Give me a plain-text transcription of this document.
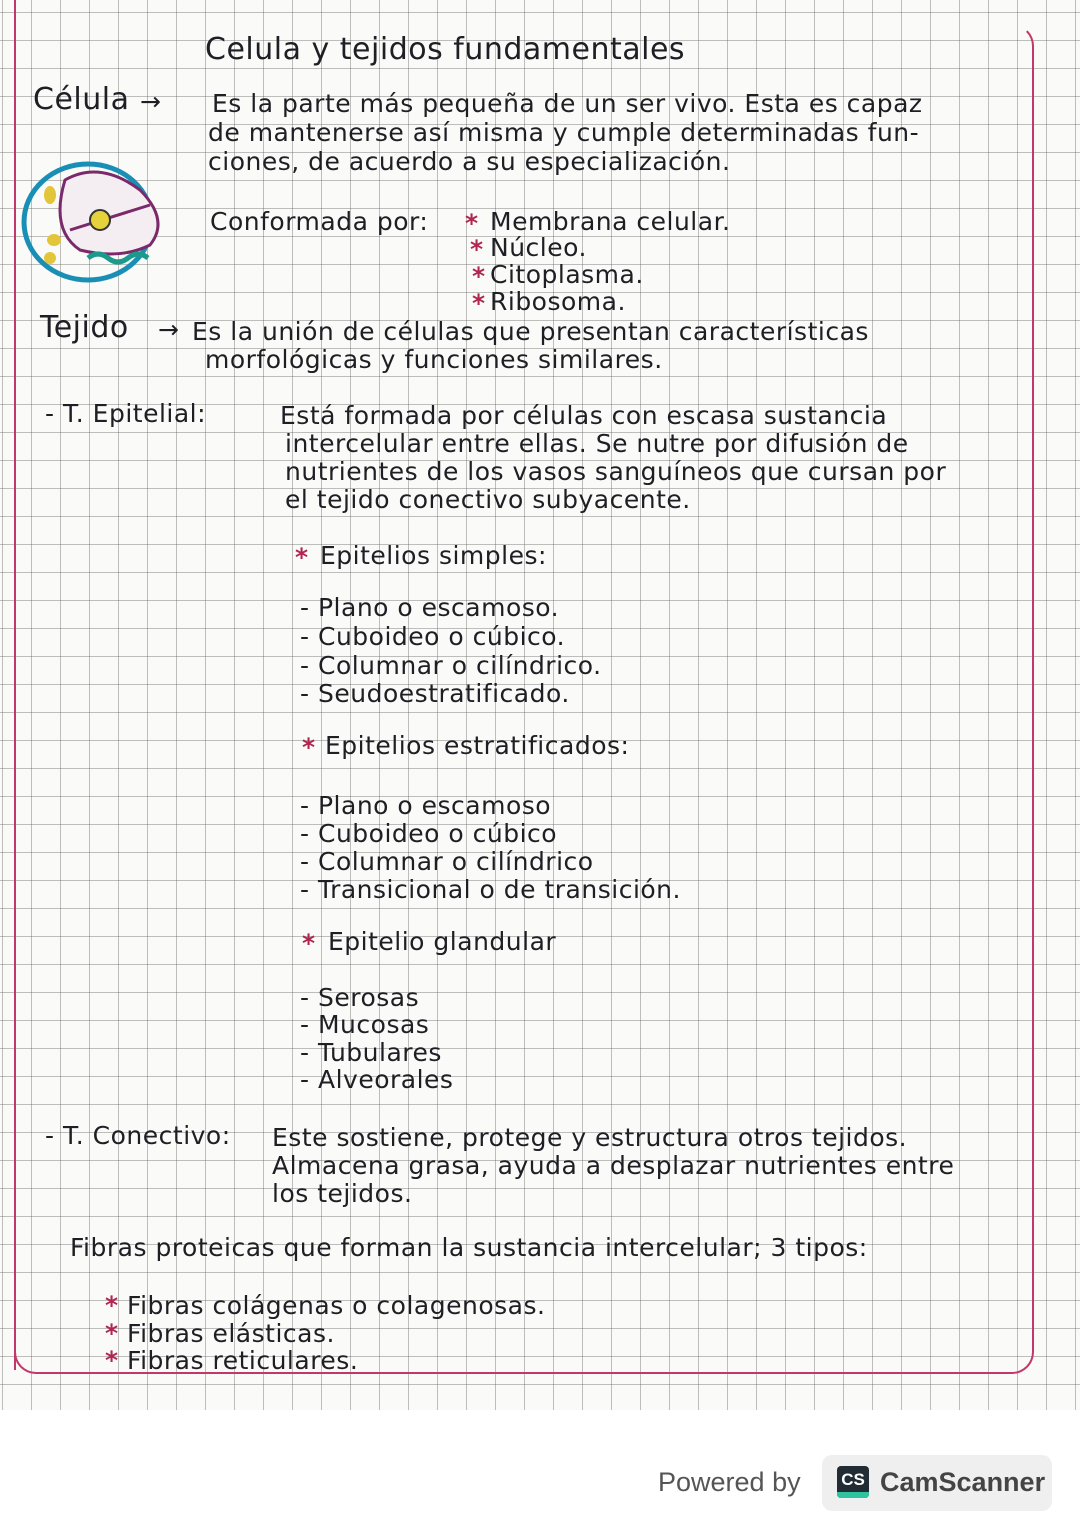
Celula y tejidos fundamentales
Célula → Es la parte más pequeña de un ser vivo. Esta es capaz
de mantenerse así misma y cumple determinadas fun-
ciones, de acuerdo a su especialización.
Conformada por: * Membrana celular.
* Núcleo.
* Citoplasma.
* Ribosoma.
Tejido → Es la unión de células que presentan características
morfológicas y funciones similares.
- T. Epitelial:	Está formada por células con escasa sustancia
intercelular entre ellas. Se nutre por difusión de
nutrientes de los vasos sanguíneos que cursan por
el tejido conectivo subyacente.
* Epitelios simples:
- Plano o escamoso.
- Cuboideo o cúbico.
- Columnar o cilíndrico.
- Seudoestratificado.
* Epitelios estratificados:
- Plano o escamoso
- Cuboideo o cúbico
- Columnar o cilíndrico
- Transicional o de transición.
* Epitelio glandular
- Serosas
- Mucosas
- Tubulares
- Alveorales
- T. Conectivo: Este sostiene, protege y estructura otros tejidos.
Almacena grasa, ayuda a desplazar nutrientes entre
los tejidos.
Fibras proteicas que forman la sustancia intercelular; 3 tipos:
* Fibras colágenas o colagenosas.
* Fibras elásticas.
* Fibras reticulares.
Powered by CS CamScanner
